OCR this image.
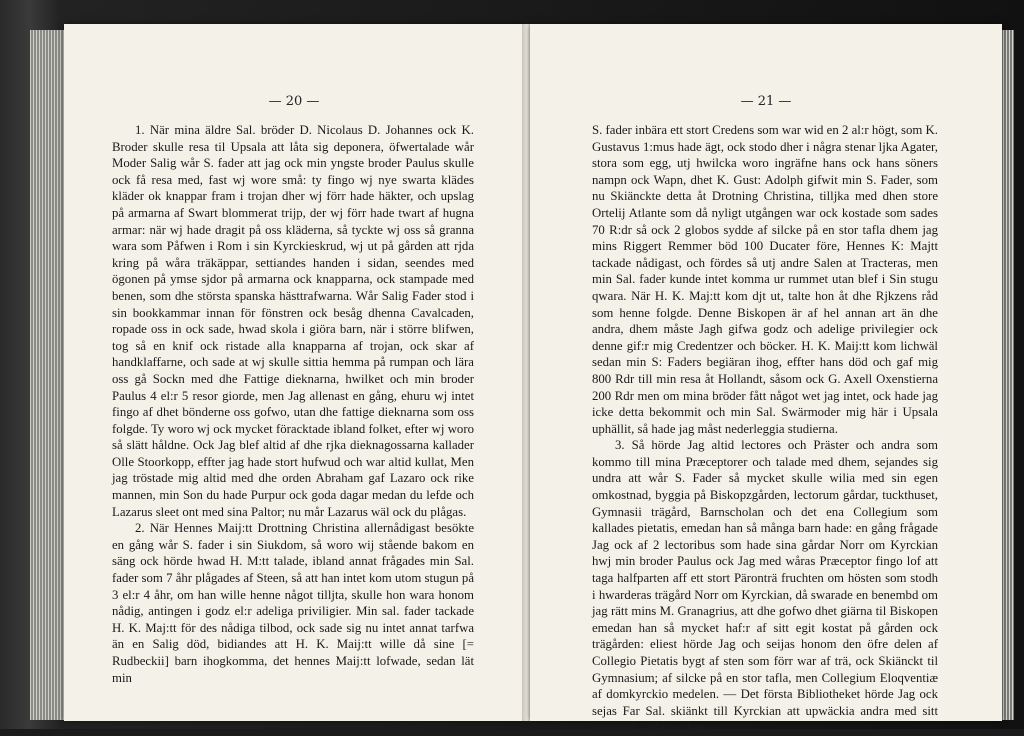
— 20 —

1. När mina äldre Sal. bröder D. Nicolaus D. Johannes ock K. Broder skulle resa til Upsala att låta sig deponera, öfwertalade wår Moder Salig wår S. fader att jag ock min yngste broder Paulus skulle ock få resa med, fast wj wore små: ty fingo wj nye swarta klädes kläder ok knappar fram i trojan dher wj förr hade häkter, och upslag på armarna af Swart blommerat trijp, der wj förr hade twart af hugna armar: när wj hade dragit på oss kläderna, så tyckte wj oss så granna wara som Påfwen i Rom i sin Kyrckieskrud, wj ut på gården att rjda kring på wåra träkäppar, settiandes handen i sidan, seendes med ögonen på ymse sjdor på armarna ock knapparna, ock stampade med benen, som dhe största spanska hästtrafwarna. Wår Salig Fader stod i sin bookkammar innan för fönstren ock besåg dhenna Cavalcaden, ropade oss in ock sade, hwad skola i giöra barn, när i större blifwen, tog så en knif ock ristade alla knapparna af trojan, ock skar af handklaffarne, och sade at wj skulle sittia hemma på rumpan och lära oss gå Sockn med dhe Fattige dieknarna, hwilket och min broder Paulus 4 el:r 5 resor giorde, men Jag allenast en gång, ehuru wj intet fingo af dhet bönderne oss gofwo, utan dhe fattige dieknarna som oss folgde. Ty woro wj ock mycket föracktade ibland folket, efter wj woro så slätt håldne. Ock Jag blef altid af dhe rjka dieknagossarna kallader Olle Stoorkopp, effter jag hade stort hufwud och war altid kullat, Men jag tröstade mig altid med dhe orden Abraham gaf Lazaro ock rike mannen, min Son du hade Purpur ock goda dagar medan du lefde och Lazarus sleet ont med sina Paltor; nu mår Lazarus wäl ock du plågas.

2. När Hennes Maij:tt Drottning Christina allernådigast besökte en gång wår S. fader i sin Siukdom, så woro wij stående bakom en säng ock hörde hwad H. M:tt talade, ibland annat frågades min Sal. fader som 7 åhr plågades af Steen, så att han intet kom utom stugun på 3 el:r 4 åhr, om han wille henne något tilljta, skulle hon wara honom nådig, antingen i godz el:r adeliga priviligier. Min sal. fader tackade H. K. Maj:tt för des nådiga tilbod, ock sade sig nu intet annat tarfwa än en Salig död, bidiandes att H. K. Maij:tt wille då sine [= Rudbeckii] barn ihogkomma, det hennes Maij:tt lofwade, sedan lät min

— 21 —

S. fader inbära ett stort Credens som war wid en 2 al:r högt, som K. Gustavus 1:mus hade ägt, ock stodo dher i några stenar ljka Agater, stora som egg, utj hwilcka woro ingräfne hans ock hans söners nampn ock Wapn, dhet K. Gust: Adolph gifwit min S. Fader, som nu Skiänckte detta åt Drotning Christina, tilljka med dhen store Ortelij Atlante som då nyligt utgången war ock kostade som sades 70 R:dr så ock 2 globos sydde af silcke på en stor tafla dhem jag mins Riggert Remmer böd 100 Ducater före, Hennes K: Majtt tackade nådigast, och fördes så utj andre Salen at Tracteras, men min Sal. fader kunde intet komma ur rummet utan blef i Sin stugu qwara. När H. K. Maj:tt kom djt ut, talte hon åt dhe Rjkzens råd som henne folgde. Denne Biskopen är af hel annan art än dhe andra, dhem måste Jagh gifwa godz och adelige privilegier ock denne gif:r mig Credentzer och böcker. H. K. Maij:tt kom lichwäl sedan min S: Faders begiäran ihog, effter hans död och gaf mig 800 Rdr till min resa åt Hollandt, såsom ock G. Axell Oxenstierna 200 Rdr men om mina bröder fått något wet jag intet, ock hade jag icke detta bekommit och min Sal. Swärmoder mig här i Upsala uphällit, så hade jag måst nederleggia studierna.

3. Så hörde Jag altid lectores och Präster och andra som kommo till mina Præceptorer och talade med dhem, sejandes sig undra att wår S. Fader så mycket skulle wilia med sin egen omkostnad, byggia på Biskopzgården, lectorum gårdar, tuckthuset, Gymnasii trägård, Barnscholan och det ena Collegium som kallades pietatis, emedan han så många barn hade: en gång frågade Jag ock af 2 lectoribus som hade sina gårdar Norr om Kyrckian hwj min broder Paulus ock Jag med wåras Præceptor fingo lof att taga halfparten aff ett stort Päronträ fruchten om hösten som stodh i hwarderas trägård Norr om Kyrckian, då swarade en benembd om jag rätt mins M. Granagrius, att dhe gofwo dhet giärna til Biskopen emedan han så mycket haf:r af sitt egit kostat på gården ock trägården: eliest hörde Jag och seijas honom den öfre delen af Collegio Pietatis bygt af sten som förr war af trä, ock Skiänckt til Gymnasium; af silcke på en stor tafla, men Collegium Eloqventiæ af domkyrckio medelen. — Det första Bibliotheket hörde Jag ock sejas Far Sal. skiänkt till Kyrckian att upwäckia andra med sitt exempel: sedan at han
